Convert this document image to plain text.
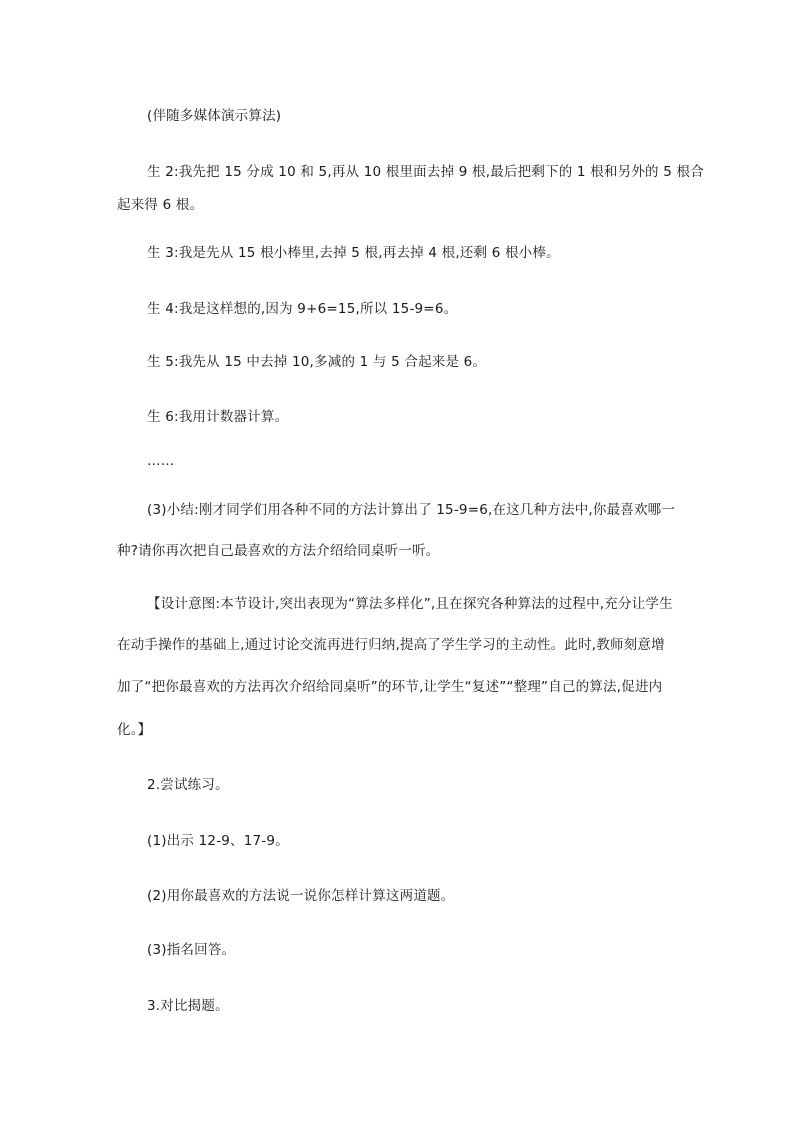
(伴随多媒体演示算法)
生 2:我先把 15 分成 10 和 5,再从 10 根里面去掉 9 根,最后把剩下的 1 根和另外的 5 根合
起来得 6 根。
生 3:我是先从 15 根小棒里,去掉 5 根,再去掉 4 根,还剩 6 根小棒。
生 4:我是这样想的,因为 9+6=15,所以 15-9=6。
生 5:我先从 15 中去掉 10,多减的 1 与 5 合起来是 6。
生 6:我用计数器计算。
……
(3)小结:刚才同学们用各种不同的方法计算出了 15-9=6,在这几种方法中,你最喜欢哪一
种?请你再次把自己最喜欢的方法介绍给同桌听一听。
【设计意图:本节设计,突出表现为“算法多样化”,且在探究各种算法的过程中,充分让学生
在动手操作的基础上,通过讨论交流再进行归纳,提高了学生学习的主动性。此时,教师刻意增
加了“把你最喜欢的方法再次介绍给同桌听”的环节,让学生“复述”“整理”自己的算法,促进内
化。】
2.尝试练习。
(1)出示 12-9、17-9。
(2)用你最喜欢的方法说一说你怎样计算这两道题。
(3)指名回答。
3.对比揭题。
